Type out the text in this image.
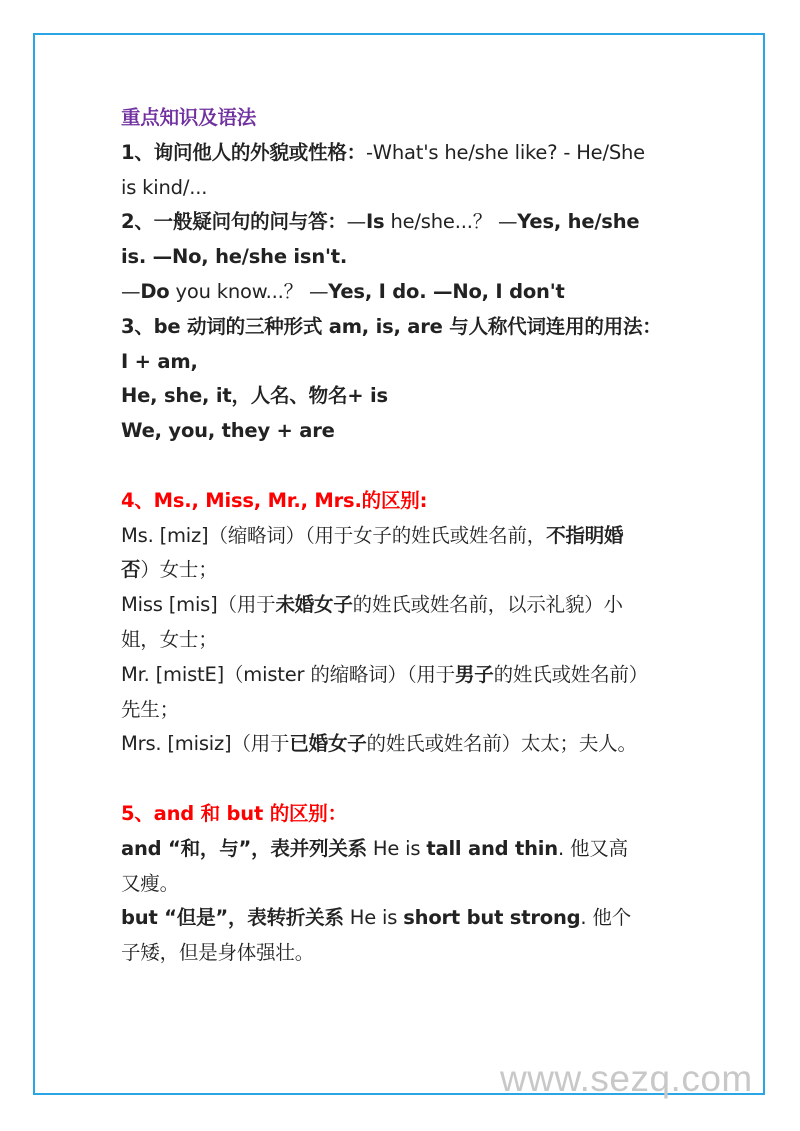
重点知识及语法
1、询问他人的外貌或性格：-What's he/she like? - He/She
is kind/...
2、一般疑问句的问与答：—Is he/she...？ —Yes, he/she
is. —No, he/she isn't.
—Do you know...？ —Yes, I do. —No, I don't
3、be 动词的三种形式 am, is, are 与人称代词连用的用法：
I + am,
He, she, it，人名、物名+ is
We, you, they + are
4、Ms., Miss, Mr., Mrs.的区别:
Ms. [miz]（缩略词）（用于女子的姓氏或姓名前，不指明婚
否）女士；
Miss [mis]（用于未婚女子的姓氏或姓名前，以示礼貌）小
姐，女士；
Mr. [mistE]（mister 的缩略词）（用于男子的姓氏或姓名前）
先生；
Mrs. [misiz]（用于已婚女子的姓氏或姓名前）太太；夫人。
5、and 和 but 的区别：
and “和，与”，表并列关系 He is tall and thin. 他又高
又瘦。
but “但是”，表转折关系 He is short but strong. 他个
子矮，但是身体强壮。
www.sezq.com
